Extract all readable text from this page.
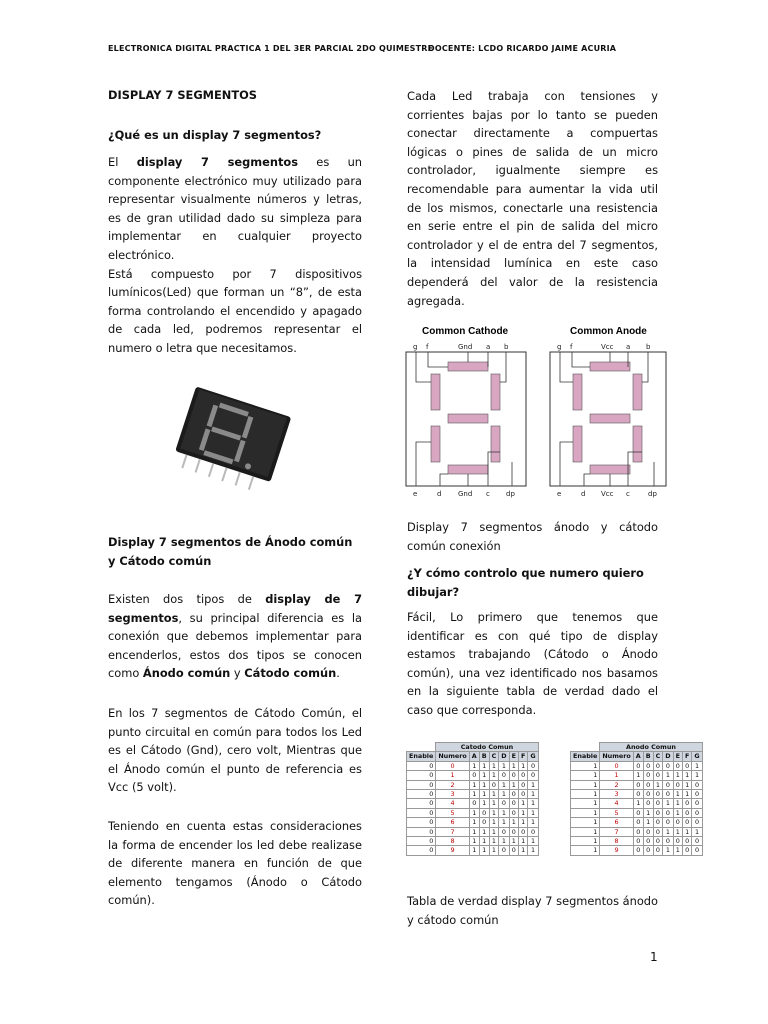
ELECTRONICA DIGITAL PRACTICA 1 DEL 3ER PARCIAL 2DO QUIMESTRE
DOCENTE: LCDO RICARDO JAIME ACURIA

DISPLAY 7 SEGMENTOS

¿Qué es un display 7 segmentos?

El display 7 segmentos es un componente electrónico muy utilizado para representar visualmente números y letras, es de gran utilidad dado su simpleza para implementar en cualquier proyecto electrónico.

Está compuesto por 7 dispositivos lumínicos(Led) que forman un “8”, de esta forma controlando el encendido y apagado de cada led, podremos representar el numero o letra que necesitamos.

Display 7 segmentos de Ánodo común y Cátodo común

Existen dos tipos de display de 7 segmentos, su principal diferencia es la conexión que debemos implementar para encenderlos, estos dos tipos se conocen como Ánodo común y Cátodo común.

En los 7 segmentos de Cátodo Común, el punto circuital en común para todos los Led es el Cátodo (Gnd), cero volt, Mientras que el Ánodo común el punto de referencia es Vcc (5 volt).

Teniendo en cuenta estas consideraciones la forma de encender los led debe realizase de diferente manera en función de que elemento tengamos (Ánodo o Cátodo común).

Cada Led trabaja con tensiones y corrientes bajas por lo tanto se pueden conectar directamente a compuertas lógicas o pines de salida de un micro controlador, igualmente siempre es recomendable para aumentar la vida util de los mismos, conectarle una resistencia en serie entre el pin de salida del micro controlador y el de entra del 7 segmentos, la intensidad lumínica en este caso dependerá del valor de la resistencia agregada.

Common Cathode	Common Anode
g f	Gnd a b
e	d Gnd c dp
g f	Vcc a b
e	d Vcc c	dp

Display 7 segmentos ánodo y cátodo común conexión

¿Y cómo controlo que numero quiero dibujar?

Fácil, Lo primero que tenemos que identificar es con qué tipo de display estamos trabajando (Cátodo o Ánodo común), una vez identificado nos basamos en la siguiente tabla de verdad dado el caso que corresponda.

	Catodo Comun							
Enable	Numero	A	B	C	D	E	F	G
0	0	1	1	1	1	1	1	0
0	1	0	1	1	0	0	0	0
0	2	1	1	0	1	1	0	1
0	3	1	1	1	1	0	0	1
0	4	0	1	1	0	0	1	1
0	5	1	0	1	1	0	1	1
0	6	1	0	1	1	1	1	1
0	7	1	1	1	0	0	0	0
0	8	1	1	1	1	1	1	1
0	9	1	1	1	0	0	1	1
	Anodo Comun							
Enable	Numero	A	B	C	D	E	F	G
1	0	0	0	0	0	0	0	1
1	1	1	0	0	1	1	1	1
1	2	0	0	1	0	0	1	0
1	3	0	0	0	0	1	1	0
1	4	1	0	0	1	1	0	0
1	5	0	1	0	0	1	0	0
1	6	0	1	0	0	0	0	0
1	7	0	0	0	1	1	1	1
1	8	0	0	0	0	0	0	0
1	9	0	0	0	1	1	0	0

Tabla de verdad display 7 segmentos ánodo y cátodo común

1
